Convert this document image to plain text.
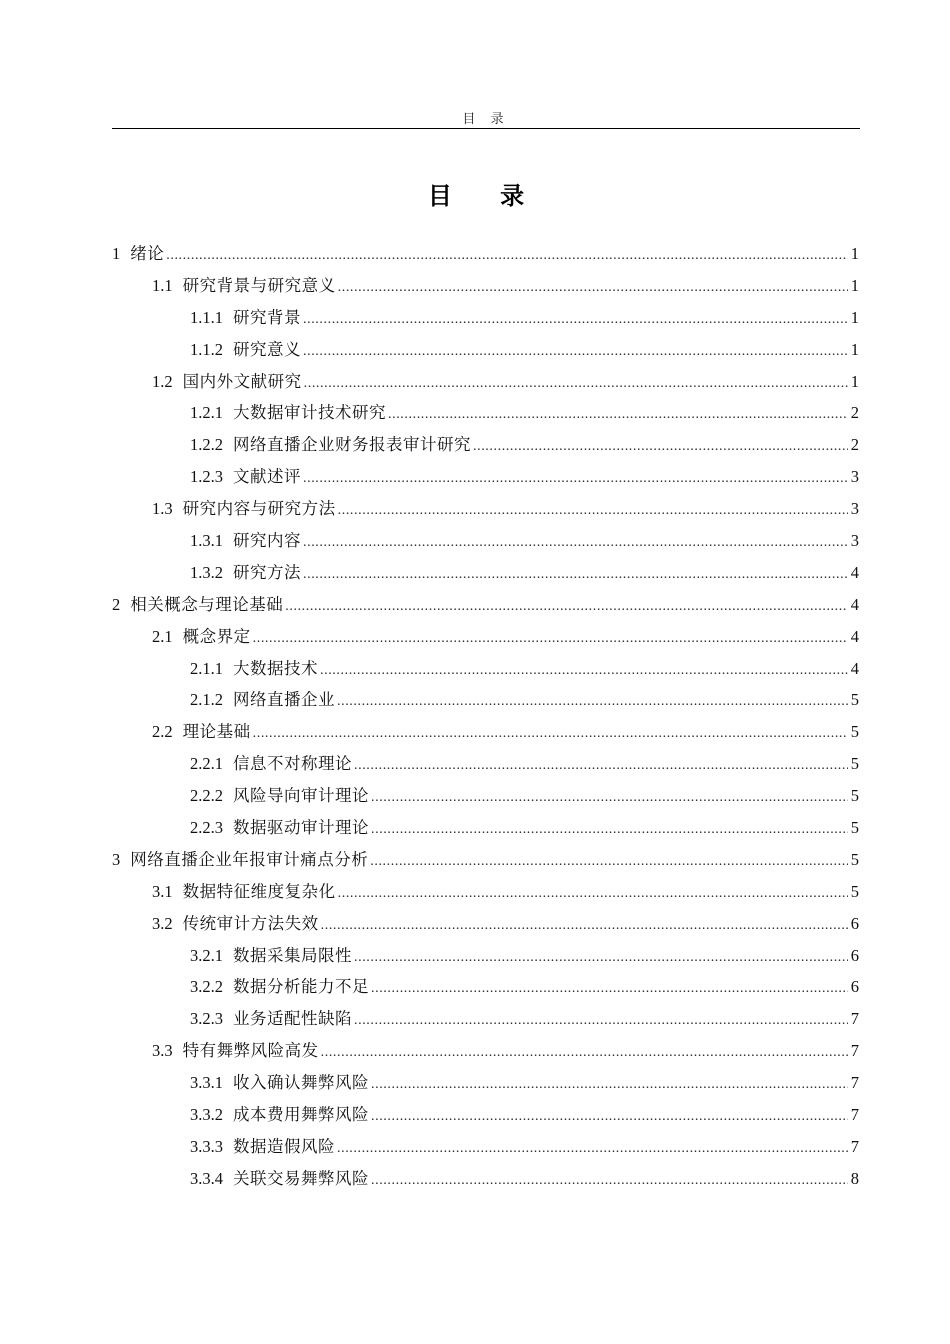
目 录
目 录
1 绪论 .....	1
1.1 研究背景与研究意义 .....	1
1.1.1 研究背景 .....	1
1.1.2 研究意义 .....	1
1.2 国内外文献研究 .....	1
1.2.1 大数据审计技术研究 .....	2
1.2.2 网络直播企业财务报表审计研究 .....	2
1.2.3 文献述评 .....	3
1.3 研究内容与研究方法 .....	3
1.3.1 研究内容 .....	3
1.3.2 研究方法 .....	4
2 相关概念与理论基础 .....	4
2.1 概念界定 .....	4
2.1.1 大数据技术 .....	4
2.1.2 网络直播企业 .....	5
2.2 理论基础 .....	5
2.2.1 信息不对称理论 .....	5
2.2.2 风险导向审计理论 .....	5
2.2.3 数据驱动审计理论 .....	5
3 网络直播企业年报审计痛点分析 .....	5
3.1 数据特征维度复杂化 .....	5
3.2 传统审计方法失效 .....	6
3.2.1 数据采集局限性 .....	6
3.2.2 数据分析能力不足 .....	6
3.2.3 业务适配性缺陷 .....	7
3.3 特有舞弊风险高发 .....	7
3.3.1 收入确认舞弊风险 .....	7
3.3.2 成本费用舞弊风险 .....	7
3.3.3 数据造假风险 .....	7
3.3.4 关联交易舞弊风险 .....	8
